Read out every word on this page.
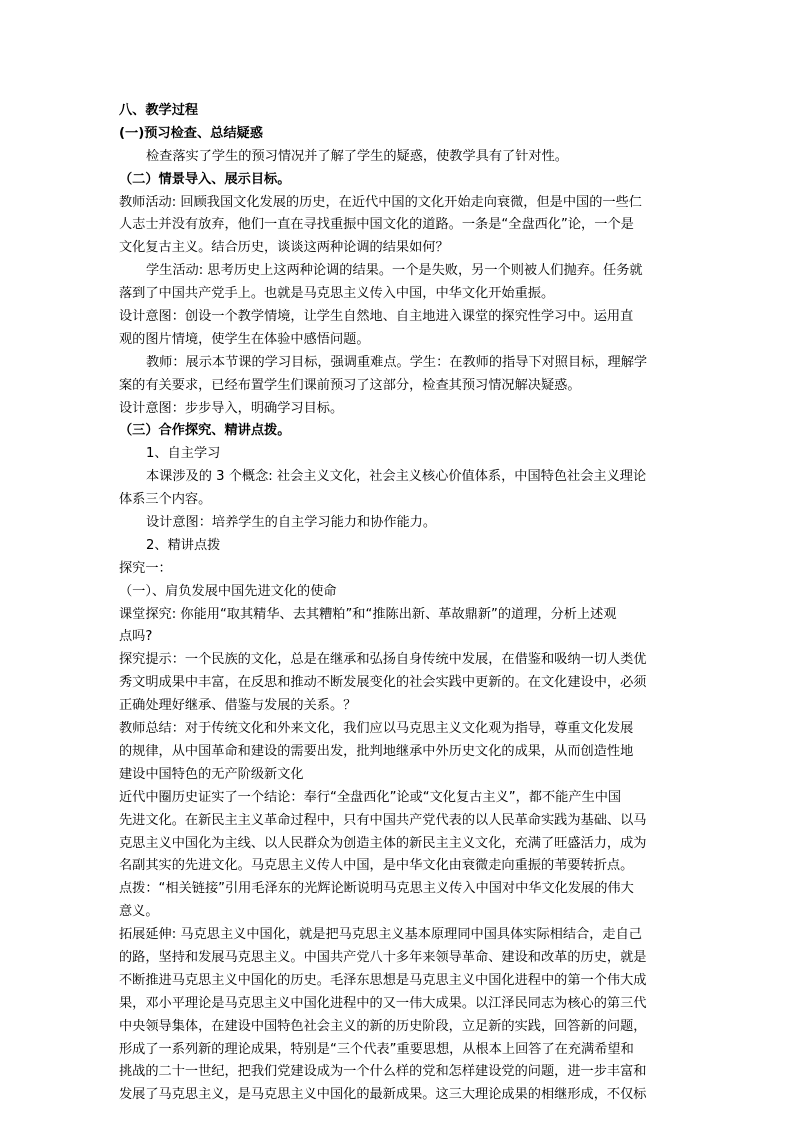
八、教学过程
(一)预习检查、总结疑惑
检查落实了学生的预习情况并了解了学生的疑惑，使教学具有了针对性。
（二）情景导入、展示目标。
教师活动: 回顾我国文化发展的历史，在近代中国的文化开始走向衰微，但是中国的一些仁
人志士并没有放弃，他们一直在寻找重振中国文化的道路。一条是“全盘西化”论，一个是
文化复古主义。结合历史，谈谈这两种论调的结果如何？
学生活动: 思考历史上这两种论调的结果。一个是失败，另一个则被人们抛弃。任务就
落到了中国共产党手上。也就是马克思主义传入中国，中华文化开始重振。
设计意图：创设一个教学情境，让学生自然地、自主地进入课堂的探究性学习中。运用直
观的图片情境，使学生在体验中感悟问题。
教师：展示本节课的学习目标，强调重难点。学生：在教师的指导下对照目标，理解学
案的有关要求，已经布置学生们课前预习了这部分，检查其预习情况解决疑惑。
设计意图：步步导入，明确学习目标。
（三）合作探究、精讲点拨。
1、自主学习
本课涉及的 3 个概念: 社会主义文化，社会主义核心价值体系，中国特色社会主义理论
体系三个内容。
设计意图：培养学生的自主学习能力和协作能力。
2、精讲点拨
探究一：
（一）、肩负发展中国先进文化的使命
课堂探究: 你能用“取其精华、去其糟粕”和“推陈出新、革故鼎新”的道理，分析上述观
点吗?
探究提示：一个民族的文化，总是在继承和弘扬自身传统中发展，在借鉴和吸纳一切人类优
秀文明成果中丰富，在反思和推动不断发展变化的社会实践中更新的。在文化建设中，必须
正确处理好继承、借鉴与发展的关系。？
教师总结：对于传统文化和外来文化，我们应以马克思主义文化观为指导，尊重文化发展
的规律，从中国革命和建设的需要出发，批判地继承中外历史文化的成果，从而创造性地
建设中国特色的无产阶级新文化
近代中圈历史证实了一个结论：奉行“全盘西化”论或“文化复古主义”，都不能产生中国
先进文化。在新民主主义革命过程中，只有中国共产党代表的以人民革命实践为基础、以马
克思主义中国化为主线、以人民群众为创造主体的新民主主义文化，充满了旺盛活力，成为
名副其实的先进文化。马克思主义传人中国，是中华文化由衰微走向重振的苇要转折点。
点拨：“相关链接”引用毛泽东的光辉论断说明马克思主义传入中国对中华文化发展的伟大
意义。
拓展延伸: 马克思主义中国化，就是把马克思主义基本原理同中国具体实际相结合，走自己
的路，坚持和发展马克思主义。中国共产党八十多年来领导革命、建设和改革的历史，就是
不断推进马克思主义中国化的历史。毛泽东思想是马克思主义中国化进程中的第一个伟大成
果，邓小平理论是马克思主义中国化进程中的又一伟大成果。以江泽民同志为核心的第三代
中央领导集体，在建设中国特色社会主义的新的历史阶段，立足新的实践，回答新的问题，
形成了一系列新的理论成果，特别是“三个代表”重要思想，从根本上回答了在充满希望和
挑战的二十一世纪，把我们党建设成为一个什么样的党和怎样建设党的问题，进一步丰富和
发展了马克思主义，是马克思主义中国化的最新成果。这三大理论成果的相继形成，不仅标
